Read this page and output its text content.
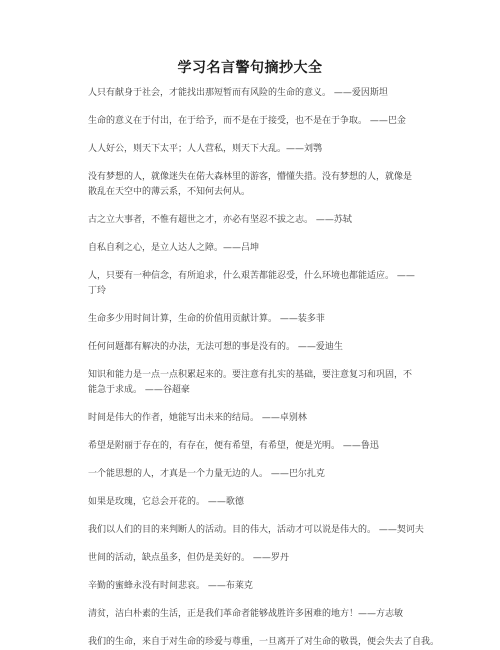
学习名言警句摘抄大全

人只有献身于社会，才能找出那短暂而有风险的生命的意义。 ——爱因斯坦

生命的意义在于付出，在于给予，而不是在于接受，也不是在于争取。 ——巴金

人人好公，则天下太平；人人营私，则天下大乱。——刘鹗

没有梦想的人，就像迷失在偌大森林里的游客，懵懂失措。没有梦想的人，就像是散乱在天空中的薄云系，不知何去何从。

古之立大事者，不惟有超世之才，亦必有坚忍不拔之志。 ——苏轼

自私自利之心，是立人达人之障。——吕坤

人，只要有一种信念，有所追求，什么艰苦都能忍受，什么环境也都能适应。 ——丁玲

生命多少用时间计算，生命的价值用贡献计算。 ——装多菲

任何问题都有解决的办法，无法可想的事是没有的。 ——爱迪生

知识和能力是一点一点积累起来的。要注意有扎实的基础，要注意复习和巩固，不能急于求成。 ——谷超豪

时间是伟大的作者，她能写出未来的结局。 ——卓别林

希望是附丽于存在的，有存在，便有希望，有希望，便是光明。 ——鲁迅

一个能思想的人，才真是一个力量无边的人。 ——巴尔扎克

如果是玫瑰，它总会开花的。 ——歌德

我们以人们的目的来判断人的活动。目的伟大，活动才可以说是伟大的。 ——契诃夫

世间的活动，缺点虽多，但仍是美好的。 ——罗丹

辛勤的蜜蜂永没有时间悲哀。 ——布莱克

清贫，洁白朴素的生活，正是我们革命者能够战胜许多困难的地方！——方志敏

我们的生命，来自于对生命的珍爱与尊重，一旦离开了对生命的敬畏，便会失去了自我。
